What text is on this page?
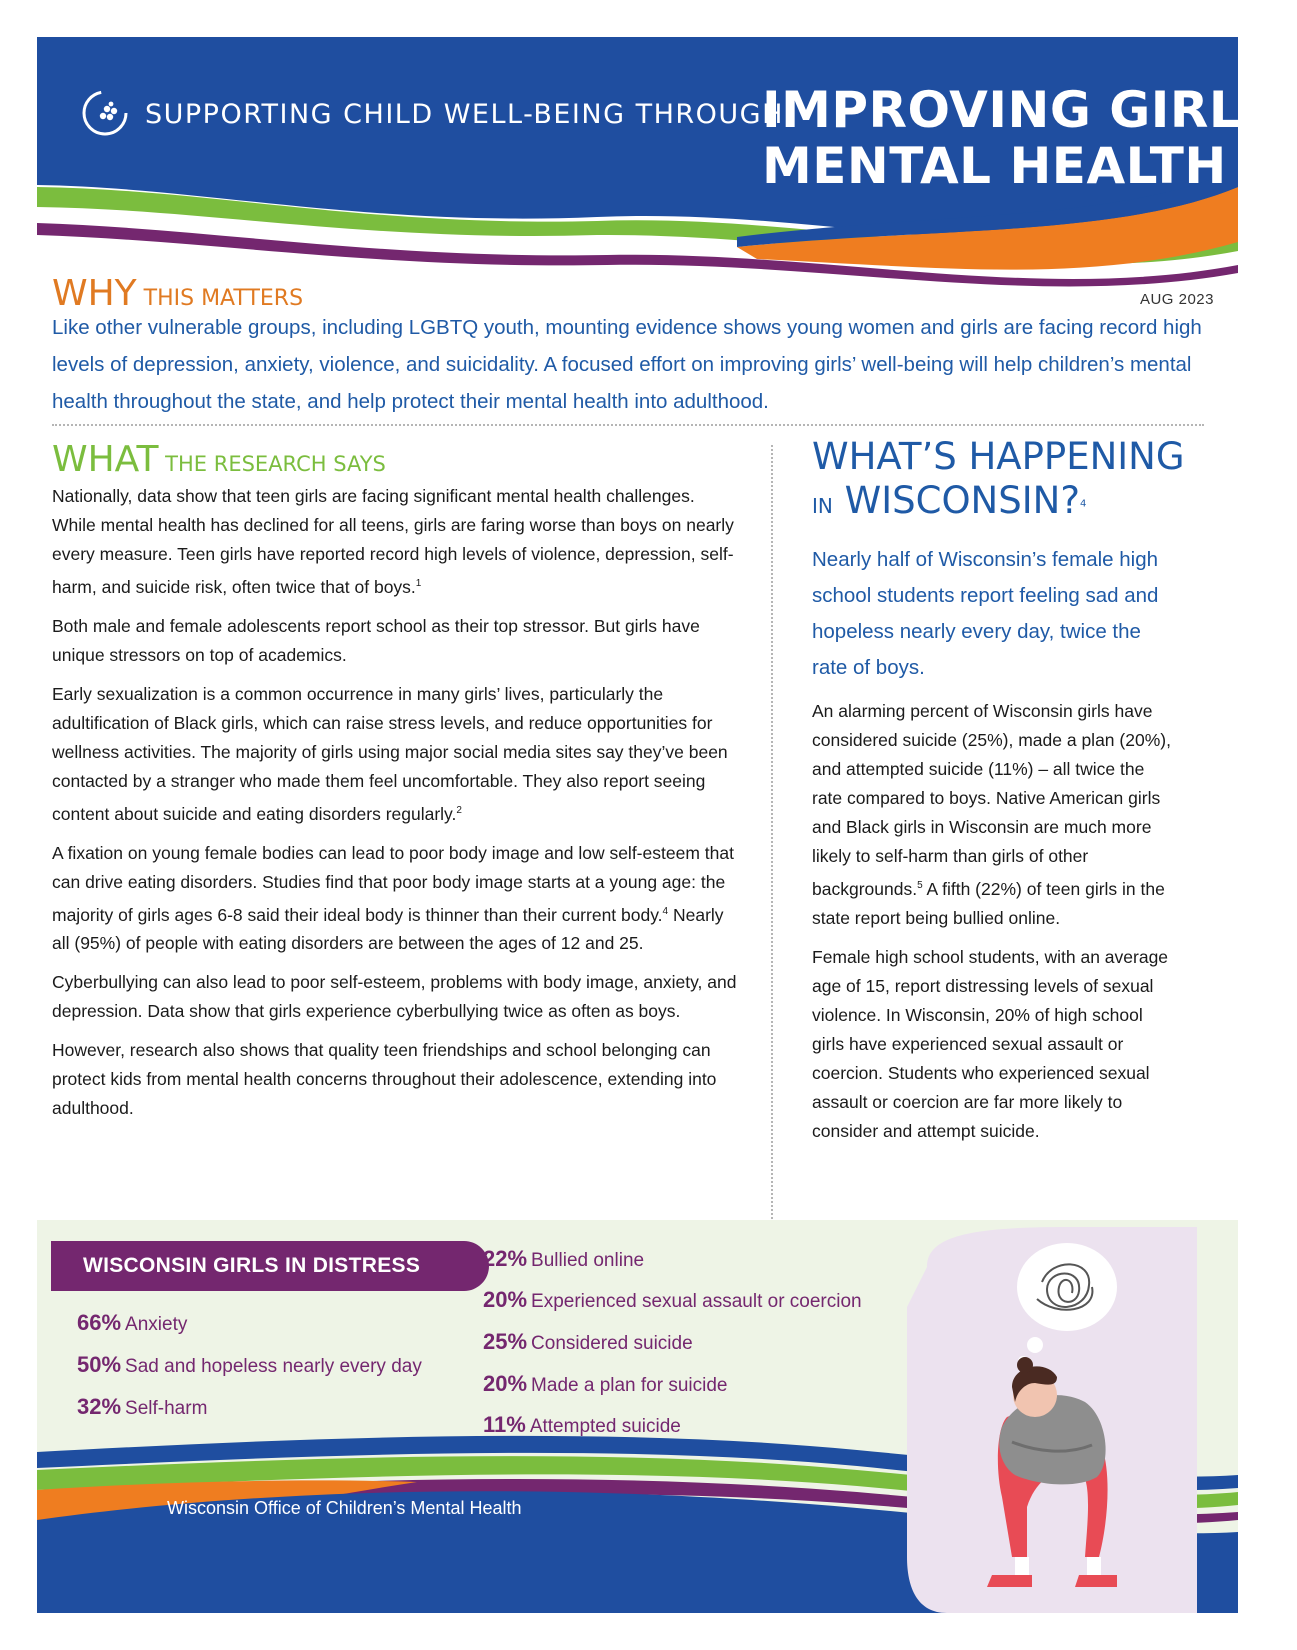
SUPPORTING CHILD WELL-BEING THROUGH
IMPROVING GIRLS’
MENTAL HEALTH
AUG 2023
WHY THIS MATTERS
Like other vulnerable groups, including LGBTQ youth, mounting evidence shows young women and girls are facing record high levels of depression, anxiety, violence, and suicidality. A focused effort on improving girls’ well-being will help children’s mental health throughout the state, and help protect their mental health into adulthood.
WHAT THE RESEARCH SAYS

Nationally, data show that teen girls are facing significant mental health challenges. While mental health has declined for all teens, girls are faring worse than boys on nearly every measure. Teen girls have reported record high levels of violence, depression, self-harm, and suicide risk, often twice that of boys.$^1$

Both male and female adolescents report school as their top stressor. But girls have unique stressors on top of academics.

Early sexualization is a common occurrence in many girls’ lives, particularly the adultification of Black girls, which can raise stress levels, and reduce opportunities for wellness activities. The majority of girls using major social media sites say they’ve been contacted by a stranger who made them feel uncomfortable. They also report seeing content about suicide and eating disorders regularly.$^2$

A fixation on young female bodies can lead to poor body image and low self-esteem that can drive eating disorders. Studies find that poor body image starts at a young age: the majority of girls ages 6-8 said their ideal body is thinner than their current body.$^4$ Nearly all (95%) of people with eating disorders are between the ages of 12 and 25.

Cyberbullying can also lead to poor self-esteem, problems with body image, anxiety, and depression. Data show that girls experience cyberbullying twice as often as boys.

However, research also shows that quality teen friendships and school belonging can protect kids from mental health concerns throughout their adolescence, extending into adulthood.

WHAT’S HAPPENING
IN WISCONSIN?$^4$
Nearly half of Wisconsin’s female high school students report feeling sad and hopeless nearly every day, twice the rate of boys.

An alarming percent of Wisconsin girls have considered suicide (25%), made a plan (20%), and attempted suicide (11%) – all twice the rate compared to boys. Native American girls and Black girls in Wisconsin are much more likely to self-harm than girls of other backgrounds.$^5$ A fifth (22%) of teen girls in the state report being bullied online.

Female high school students, with an average age of 15, report distressing levels of sexual violence. In Wisconsin, 20% of high school girls have experienced sexual assault or coercion. Students who experienced sexual assault or coercion are far more likely to consider and attempt suicide.

WISCONSIN GIRLS IN DISTRESS
66% Anxiety
50% Sad and hopeless nearly every day
32% Self-harm
22% Bullied online
20% Experienced sexual assault or coercion
25% Considered suicide
20% Made a plan for suicide
11% Attempted suicide
Wisconsin Office of Children’s Mental Health
